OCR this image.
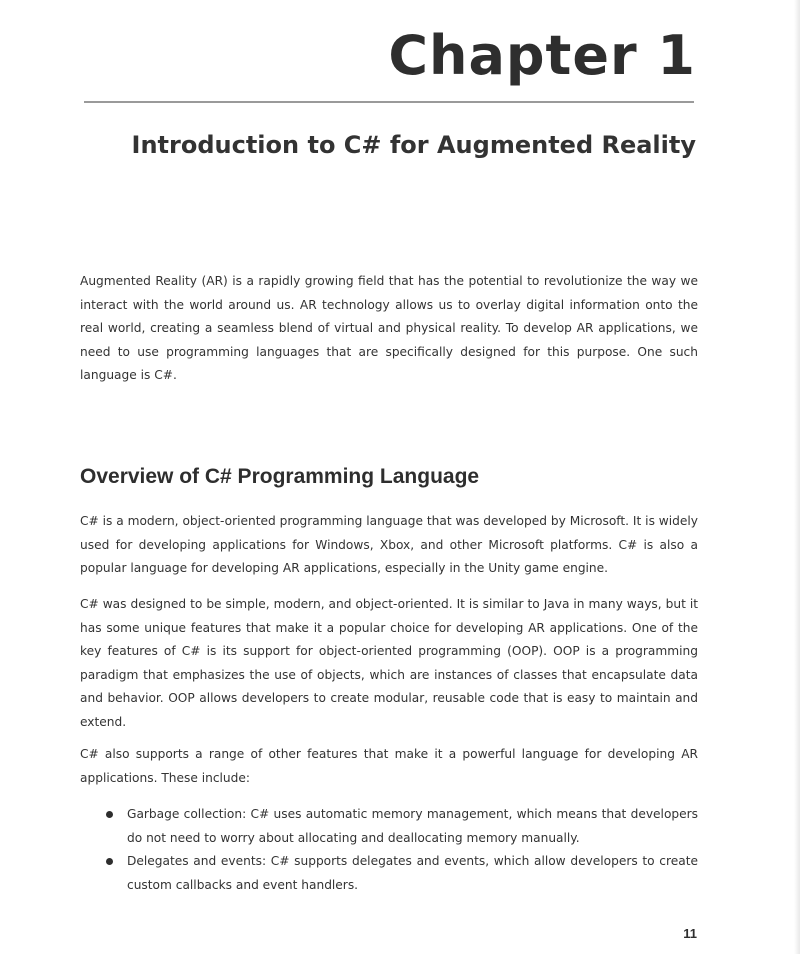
Chapter 1
Introduction to C# for Augmented Reality

Augmented Reality (AR) is a rapidly growing field that has the potential to revolutionize the way we interact with the world around us. AR technology allows us to overlay digital information onto the real world, creating a seamless blend of virtual and physical reality. To develop AR applications, we need to use programming languages that are specifically designed for this purpose. One such language is C#.

Overview of C# Programming Language

C# is a modern, object-oriented programming language that was developed by Microsoft. It is widely used for developing applications for Windows, Xbox, and other Microsoft platforms. C# is also a popular language for developing AR applications, especially in the Unity game engine.

C# was designed to be simple, modern, and object-oriented. It is similar to Java in many ways, but it has some unique features that make it a popular choice for developing AR applications. One of the key features of C# is its support for object-oriented programming (OOP). OOP is a programming paradigm that emphasizes the use of objects, which are instances of classes that encapsulate data and behavior. OOP allows developers to create modular, reusable code that is easy to maintain and extend.

C# also supports a range of other features that make it a powerful language for developing AR applications. These include:

Garbage collection: C# uses automatic memory management, which means that developers do not need to worry about allocating and deallocating memory manually.
Delegates and events: C# supports delegates and events, which allow developers to create custom callbacks and event handlers.

11
